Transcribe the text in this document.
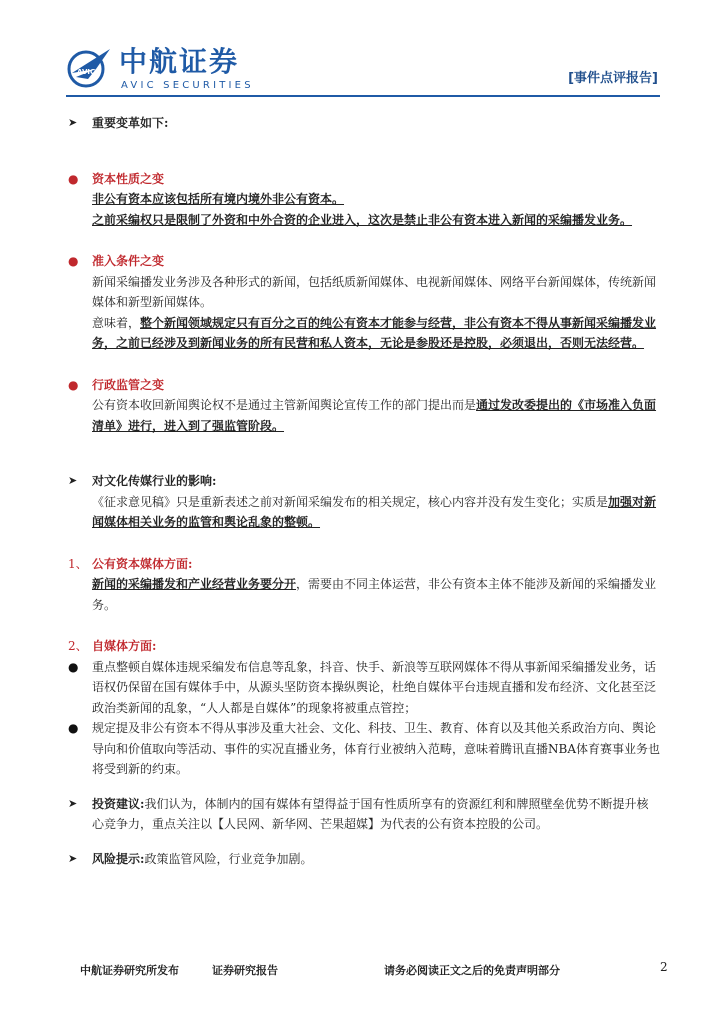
AVIC 中航证券
AVIC SECURITIES	[事件点评报告]
➤	重要变革如下:
●	资本性质之变
非公有资本应该包括所有境内境外非公有资本。
之前采编权只是限制了外资和中外合资的企业进入，这次是禁止非公有资本进入新闻的采编播发业务。
●	准入条件之变
新闻采编播发业务涉及各种形式的新闻，包括纸质新闻媒体、电视新闻媒体、网络平台新闻媒体，传统新闻媒体和新型新闻媒体。
意味着，整个新闻领域规定只有百分之百的纯公有资本才能参与经营，非公有资本不得从事新闻采编播发业务，之前已经涉及到新闻业务的所有民营和私人资本，无论是参股还是控股，必须退出，否则无法经营。
●	行政监管之变
公有资本收回新闻舆论权不是通过主管新闻舆论宣传工作的部门提出而是通过发改委提出的《市场准入负面清单》进行，进入到了强监管阶段。
➤	对文化传媒行业的影响:
《征求意见稿》只是重新表述之前对新闻采编发布的相关规定，核心内容并没有发生变化；实质是加强对新闻媒体相关业务的监管和舆论乱象的整顿。
1、 公有资本媒体方面:
新闻的采编播发和产业经营业务要分开，需要由不同主体运营，非公有资本主体不能涉及新闻的采编播发业务。
2、 自媒体方面:
●	重点整顿自媒体违规采编发布信息等乱象，抖音、快手、新浪等互联网媒体不得从事新闻采编播发业务，话语权仍保留在国有媒体手中，从源头坚防资本操纵舆论，杜绝自媒体平台违规直播和发布经济、文化甚至泛政治类新闻的乱象，“人人都是自媒体”的现象将被重点管控；
●	规定提及非公有资本不得从事涉及重大社会、文化、科技、卫生、教育、体育以及其他关系政治方向、舆论导向和价值取向等活动、事件的实况直播业务，体育行业被纳入范畴，意味着腾讯直播NBA体育赛事业务也将受到新的约束。
➤	投资建议:我们认为，体制内的国有媒体有望得益于国有性质所享有的资源红利和牌照壁垒优势不断提升核心竞争力，重点关注以【人民网、新华网、芒果超媒】为代表的公有资本控股的公司。
➤	风险提示:政策监管风险，行业竞争加剧。
中航证券研究所发布	证券研究报告	请务必阅读正文之后的免责声明部分	2
